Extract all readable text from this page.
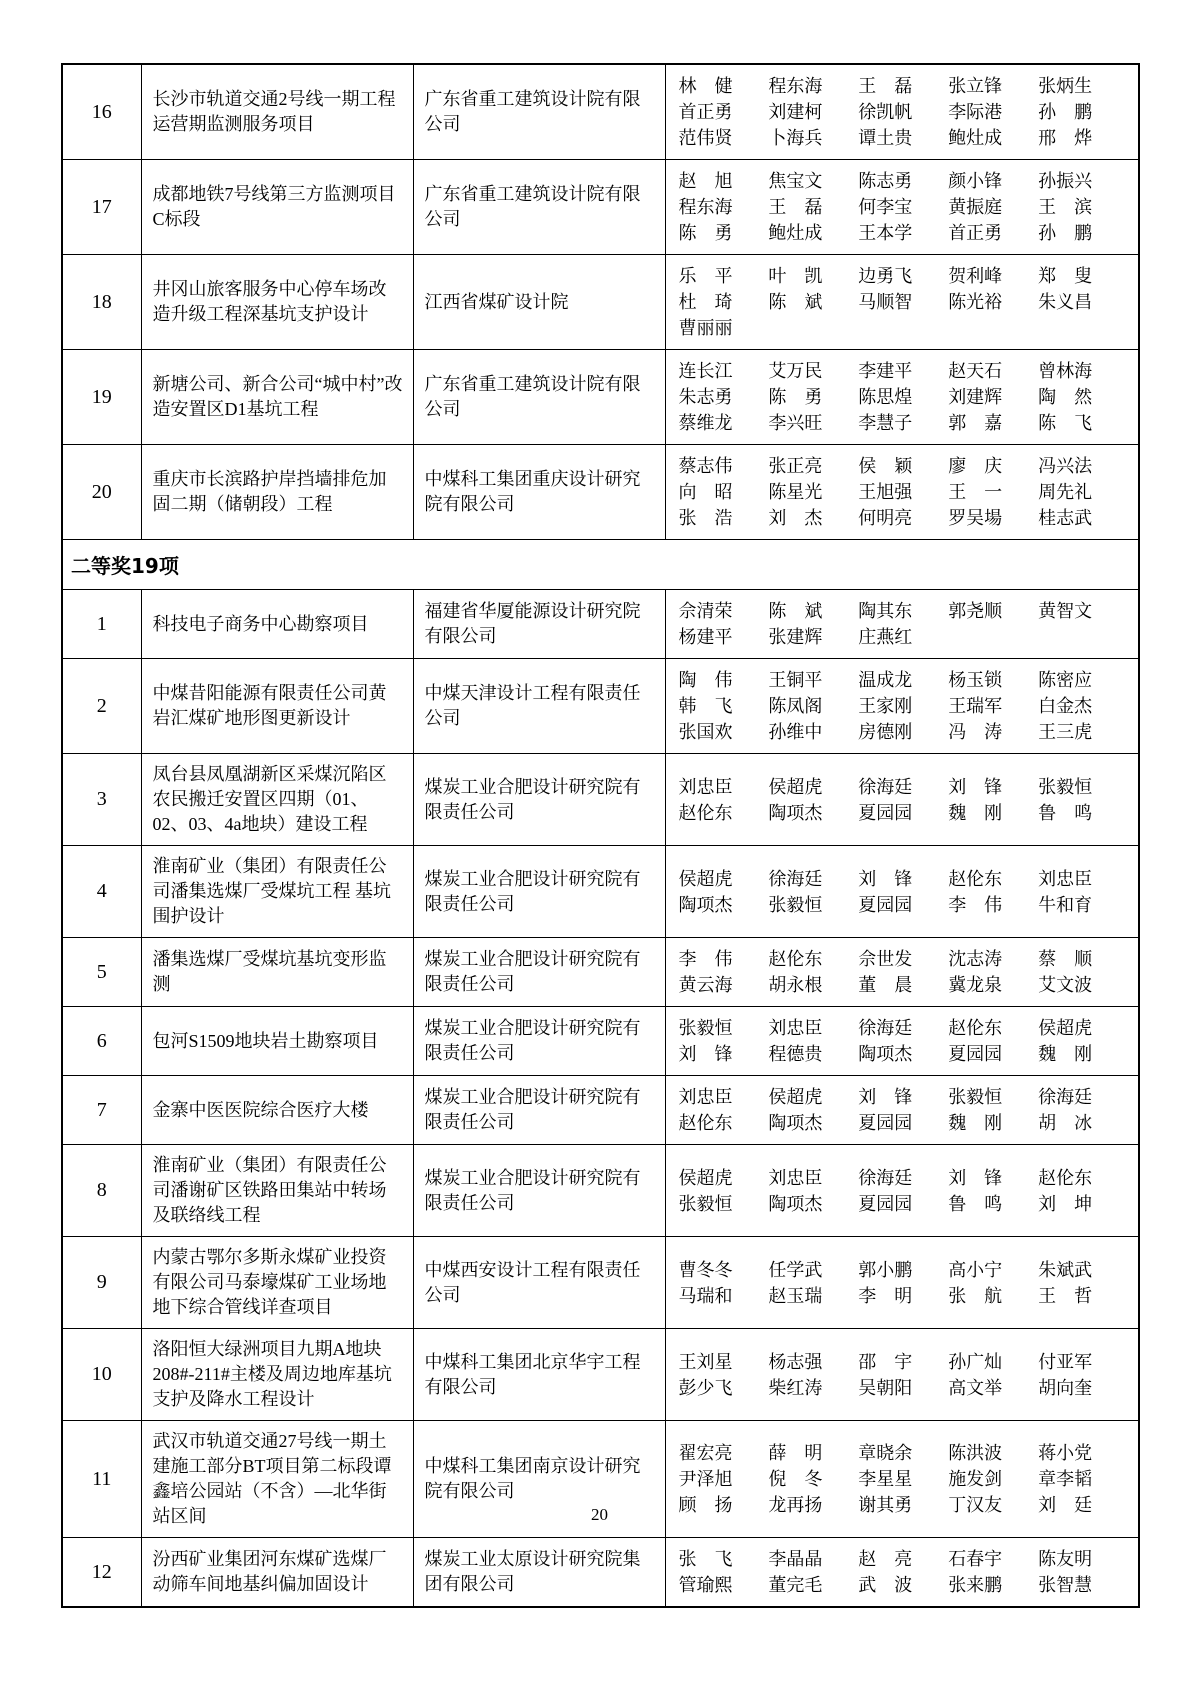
16	长沙市轨道交通2号线一期工程运营期监测服务项目	广东省重工建筑设计院有限公司	
林　健	程东海	王　磊	张立锋	张炳生
首正勇	刘建柯	徐凯帆	李际港	孙　鹏
范伟贤	卜海兵	谭土贵	鲍灶成	邢　烨

17	成都地铁7号线第三方监测项目C标段	广东省重工建筑设计院有限公司	
赵　旭	焦宝文	陈志勇	颜小锋	孙振兴
程东海	王　磊	何李宝	黄振庭	王　滨
陈　勇	鲍灶成	王本学	首正勇	孙　鹏

18	井冈山旅客服务中心停车场改造升级工程深基坑支护设计	江西省煤矿设计院	
乐　平	叶　凯	边勇飞	贺利峰	郑　叟
杜　琦	陈　斌	马顺智	陈光裕	朱义昌
曹丽丽

19	新塘公司、新合公司“城中村”改造安置区D1基坑工程	广东省重工建筑设计院有限公司	
连长江	艾万民	李建平	赵天石	曾林海
朱志勇	陈　勇	陈思煌	刘建辉	陶　然
蔡维龙	李兴旺	李慧子	郭　嘉	陈　飞

20	重庆市长滨路护岸挡墙排危加固二期（储朝段）工程	中煤科工集团重庆设计研究院有限公司	
蔡志伟	张正亮	侯　颖	廖　庆	冯兴法
向　昭	陈星光	王旭强	王　一	周先礼
张　浩	刘　杰	何明亮	罗吴場	桂志武

二等奖19项			
1	科技电子商务中心勘察项目	福建省华厦能源设计研究院有限公司	
佘清荣	陈　斌	陶其东	郭尧顺	黄智文
杨建平	张建辉	庄燕红

2	中煤昔阳能源有限责任公司黄岩汇煤矿地形图更新设计	中煤天津设计工程有限责任公司	
陶　伟	王铜平	温成龙	杨玉锁	陈密应
韩　飞	陈凤阁	王家刚	王瑞军	白金杰
张国欢	孙维中	房德刚	冯　涛	王三虎

3	凤台县凤凰湖新区采煤沉陷区农民搬迁安置区四期（01、02、03、4a地块）建设工程	煤炭工业合肥设计研究院有限责任公司	
刘忠臣	侯超虎	徐海廷	刘　锋	张毅恒
赵伦东	陶项杰	夏园园	魏　刚	鲁　鸣

4	淮南矿业（集团）有限责任公司潘集选煤厂受煤坑工程 基坑围护设计	煤炭工业合肥设计研究院有限责任公司	
侯超虎	徐海廷	刘　锋	赵伦东	刘忠臣
陶项杰	张毅恒	夏园园	李　伟	牛和育

5	潘集选煤厂受煤坑基坑变形监测	煤炭工业合肥设计研究院有限责任公司	
李　伟	赵伦东	佘世发	沈志涛	蔡　顺
黄云海	胡永根	董　晨	冀龙泉	艾文波

6	包河S1509地块岩土勘察项目	煤炭工业合肥设计研究院有限责任公司	
张毅恒	刘忠臣	徐海廷	赵伦东	侯超虎
刘　锋	程德贵	陶项杰	夏园园	魏　刚

7	金寨中医医院综合医疗大楼	煤炭工业合肥设计研究院有限责任公司	
刘忠臣	侯超虎	刘　锋	张毅恒	徐海廷
赵伦东	陶项杰	夏园园	魏　刚	胡　冰

8	淮南矿业（集团）有限责任公司潘谢矿区铁路田集站中转场及联络线工程	煤炭工业合肥设计研究院有限责任公司	
侯超虎	刘忠臣	徐海廷	刘　锋	赵伦东
张毅恒	陶项杰	夏园园	鲁　鸣	刘　坤

9	内蒙古鄂尔多斯永煤矿业投资有限公司马泰壕煤矿工业场地地下综合管线详查项目	中煤西安设计工程有限责任公司	
曹冬冬	任学武	郭小鹏	高小宁	朱斌武
马瑞和	赵玉瑞	李　明	张　航	王　哲

10	洛阳恒大绿洲项目九期A地块208#-211#主楼及周边地库基坑支护及降水工程设计	中煤科工集团北京华宇工程有限公司	
王刘星	杨志强	邵　宇	孙广灿	付亚军
彭少飞	柴红涛	吴朝阳	高文举	胡向奎

11	武汉市轨道交通27号线一期土建施工部分BT项目第二标段谭鑫培公园站（不含）—北华街站区间	中煤科工集团南京设计研究院有限公司	
翟宏亮	薛　明	章晓余	陈洪波	蒋小党
尹泽旭	倪　冬	李星星	施发剑	章李韬
顾　扬	龙再扬	谢其勇	丁汉友	刘　廷

12	汾西矿业集团河东煤矿选煤厂动筛车间地基纠偏加固设计	煤炭工业太原设计研究院集团有限公司	
张　飞	李晶晶	赵　亮	石春宇	陈友明
管瑜熙	董完毛	武　波	张来鹏	张智慧
20
